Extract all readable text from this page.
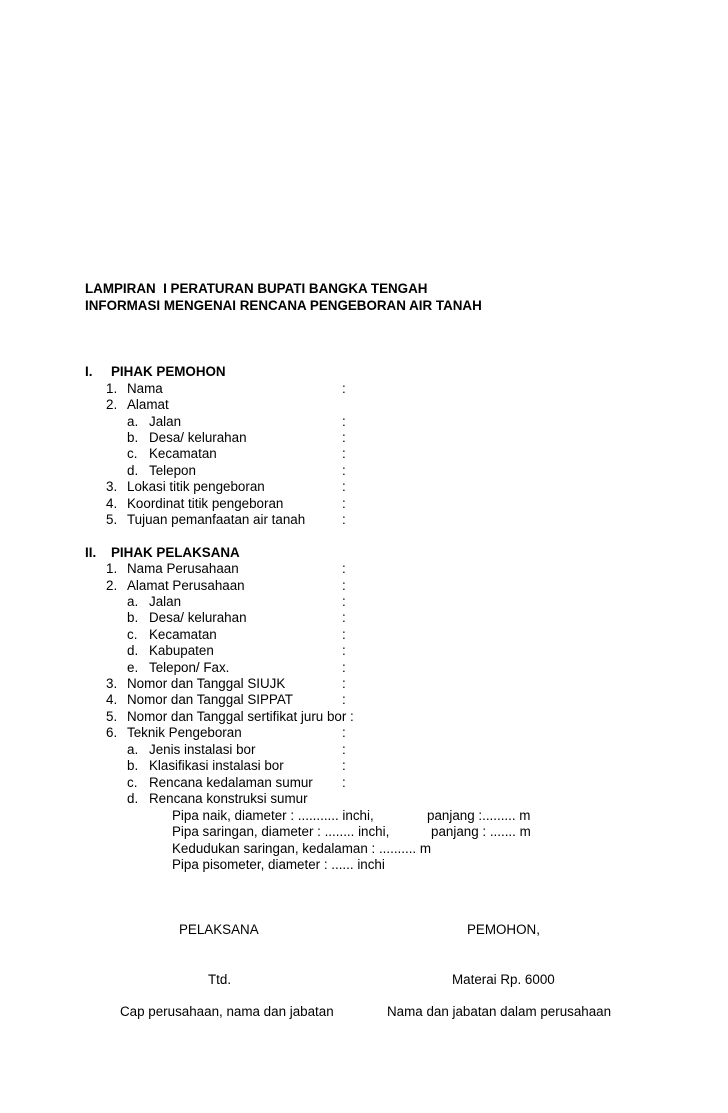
LAMPIRAN  I PERATURAN BUPATI BANGKA TENGAH
INFORMASI MENGENAI RENCANA PENGEBORAN AIR TANAH
I. PIHAK PEMOHON
1. Nama	:
2. Alamat
a. Jalan	:
b. Desa/ kelurahan	:
c. Kecamatan	:
d. Telepon	:
3. Lokasi titik pengeboran	:
4. Koordinat titik pengeboran	:
5. Tujuan pemanfaatan air tanah	:
II. PIHAK PELAKSANA
1. Nama Perusahaan	:
2. Alamat Perusahaan	:
a. Jalan	:
b. Desa/ kelurahan	:
c. Kecamatan	:
d. Kabupaten	:
e. Telepon/ Fax.	:
3. Nomor dan Tanggal SIUJK	:
4. Nomor dan Tanggal SIPPAT	:
5. Nomor dan Tanggal sertifikat juru bor :
6. Teknik Pengeboran	:
a. Jenis instalasi bor	:
b. Klasifikasi instalasi bor	:
c. Rencana kedalaman sumur :
d. Rencana konstruksi sumur
Pipa naik, diameter : ........... inchi,	panjang :......... m
Pipa saringan, diameter : ........ inchi,	panjang : ....... m
Kedudukan saringan, kedalaman : .......... m
Pipa pisometer, diameter : ...... inchi
PELAKSANA	PEMOHON,
Ttd.	Materai Rp. 6000
Cap perusahaan, nama dan jabatan	Nama dan jabatan dalam perusahaan
